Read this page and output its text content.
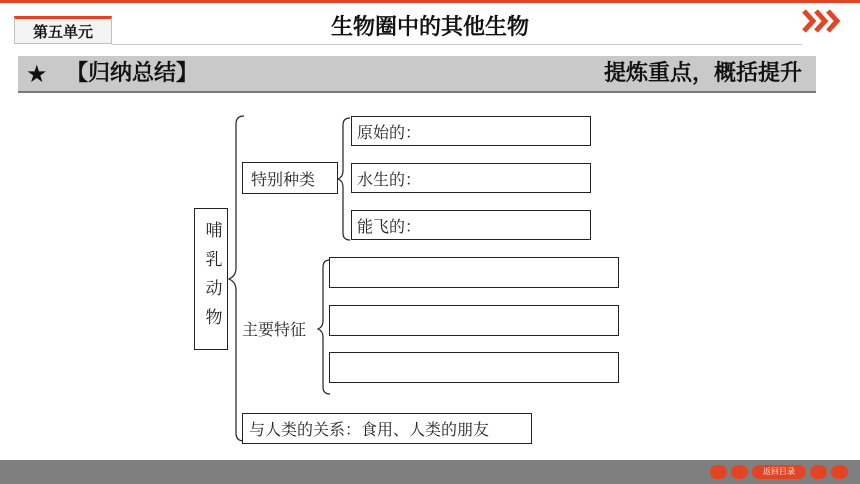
第五单元	生物圈中的其他生物
★ 【归纳总结】	提炼重点，概括提升
哺乳动物
特别种类
原始的：
水生的：
能飞的：
主要特征
与人类的关系：食用、人类的朋友
返回目录
